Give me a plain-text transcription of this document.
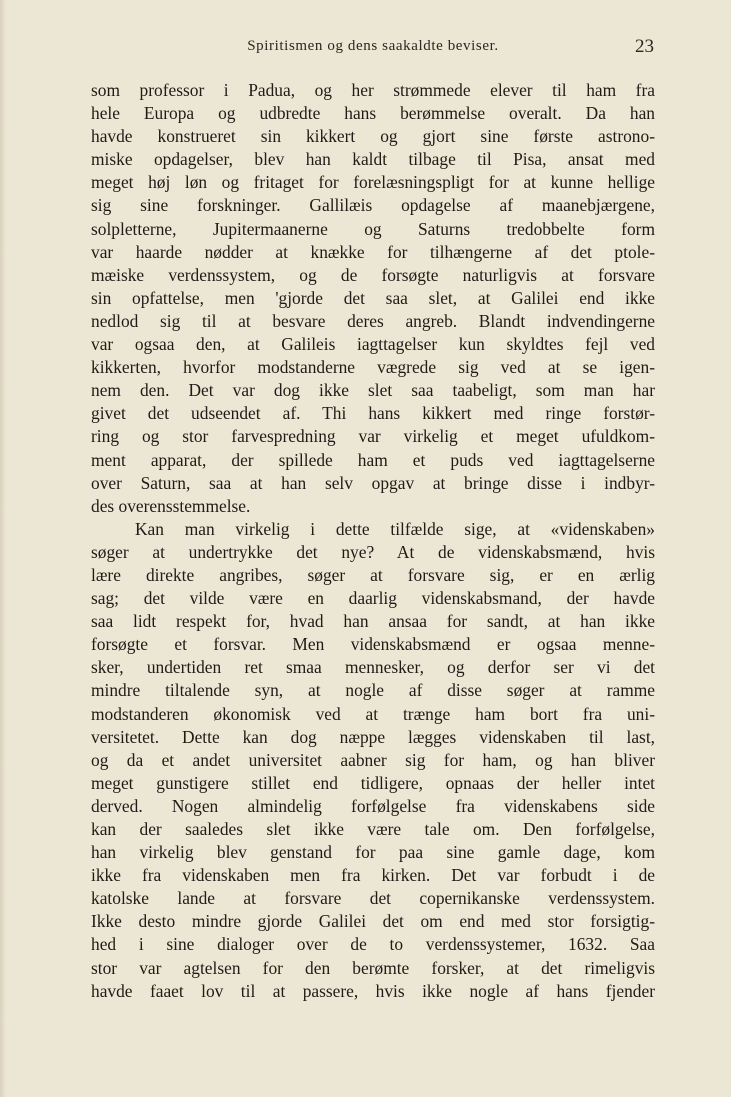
Spiritismen og dens saakaldte beviser.	23
som professor i Padua, og her strømmede elever til ham fra
hele Europa og udbredte hans berømmelse overalt. Da han
havde konstrueret sin kikkert og gjort sine første astrono-
miske opdagelser, blev han kaldt tilbage til Pisa, ansat med
meget høj løn og fritaget for forelæsningspligt for at kunne hellige
sig sine forskninger. Gallilæis opdagelse af maanebjærgene,
solpletterne, Jupitermaanerne og Saturns tredobbelte form
var haarde nødder at knække for tilhængerne af det ptole-
mæiske verdenssystem, og de forsøgte naturligvis at forsvare
sin opfattelse, men 'gjorde det saa slet, at Galilei end ikke
nedlod sig til at besvare deres angreb. Blandt indvendingerne
var ogsaa den, at Galileis iagttagelser kun skyldtes fejl ved
kikkerten, hvorfor modstanderne vægrede sig ved at se igen-
nem den. Det var dog ikke slet saa taabeligt, som man har
givet det udseendet af. Thi hans kikkert med ringe forstør-
ring og stor farvespredning var virkelig et meget ufuldkom-
ment apparat, der spillede ham et puds ved iagttagelserne
over Saturn, saa at han selv opgav at bringe disse i indbyr-
des overensstemmelse.
Kan man virkelig i dette tilfælde sige, at «videnskaben»
søger at undertrykke det nye? At de videnskabsmænd, hvis
lære direkte angribes, søger at forsvare sig, er en ærlig
sag; det vilde være en daarlig videnskabsmand, der havde
saa lidt respekt for, hvad han ansaa for sandt, at han ikke
forsøgte et forsvar. Men videnskabsmænd er ogsaa menne-
sker, undertiden ret smaa mennesker, og derfor ser vi det
mindre tiltalende syn, at nogle af disse søger at ramme
modstanderen økonomisk ved at trænge ham bort fra uni-
versitetet. Dette kan dog næppe lægges videnskaben til last,
og da et andet universitet aabner sig for ham, og han bliver
meget gunstigere stillet end tidligere, opnaas der heller intet
derved. Nogen almindelig forfølgelse fra videnskabens side
kan der saaledes slet ikke være tale om. Den forfølgelse,
han virkelig blev genstand for paa sine gamle dage, kom
ikke fra videnskaben men fra kirken. Det var forbudt i de
katolske lande at forsvare det copernikanske verdenssystem.
Ikke desto mindre gjorde Galilei det om end med stor forsigtig-
hed i sine dialoger over de to verdenssystemer, 1632. Saa
stor var agtelsen for den berømte forsker, at det rimeligvis
havde faaet lov til at passere, hvis ikke nogle af hans fjender
